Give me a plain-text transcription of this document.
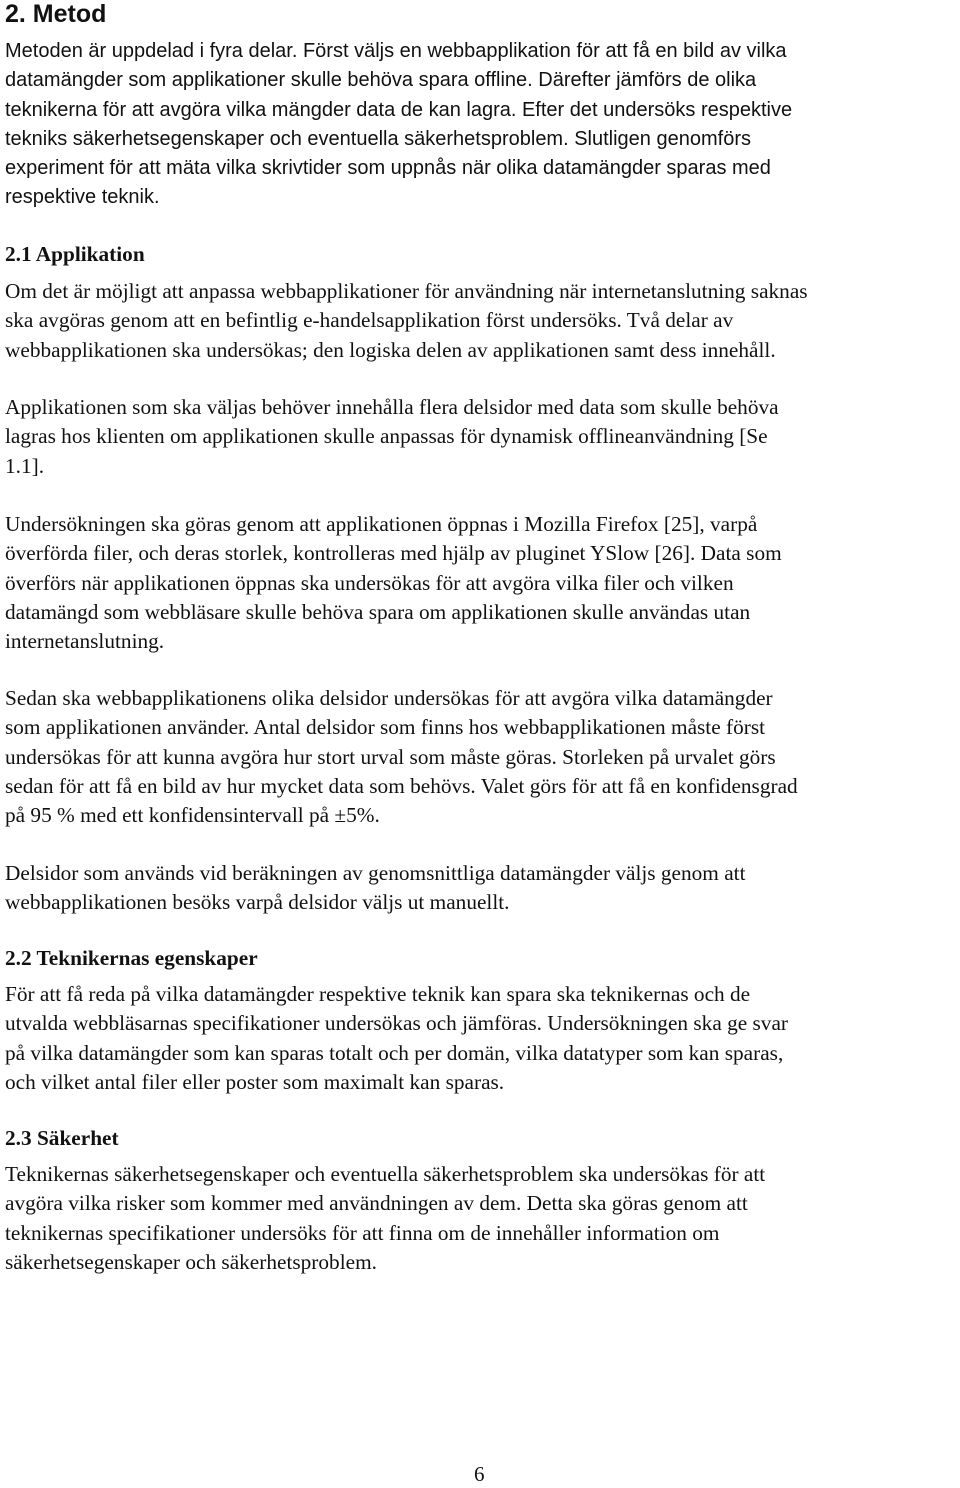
2. Metod

Metoden är uppdelad i fyra delar. Först väljs en webbapplikation för att få en bild av vilka
datamängder som applikationer skulle behöva spara offline. Därefter jämförs de olika
teknikerna för att avgöra vilka mängder data de kan lagra. Efter det undersöks respektive
tekniks säkerhetsegenskaper och eventuella säkerhetsproblem. Slutligen genomförs
experiment för att mäta vilka skrivtider som uppnås när olika datamängder sparas med
respektive teknik.

2.1 Applikation

Om det är möjligt att anpassa webbapplikationer för användning när internetanslutning saknas
ska avgöras genom att en befintlig e-handelsapplikation först undersöks. Två delar av
webbapplikationen ska undersökas; den logiska delen av applikationen samt dess innehåll.

Applikationen som ska väljas behöver innehålla flera delsidor med data som skulle behöva
lagras hos klienten om applikationen skulle anpassas för dynamisk offlineanvändning [Se
1.1].

Undersökningen ska göras genom att applikationen öppnas i Mozilla Firefox [25], varpå
överförda filer, och deras storlek, kontrolleras med hjälp av pluginet YSlow [26]. Data som
överförs när applikationen öppnas ska undersökas för att avgöra vilka filer och vilken
datamängd som webbläsare skulle behöva spara om applikationen skulle användas utan
internetanslutning.

Sedan ska webbapplikationens olika delsidor undersökas för att avgöra vilka datamängder
som applikationen använder. Antal delsidor som finns hos webbapplikationen måste först
undersökas för att kunna avgöra hur stort urval som måste göras. Storleken på urvalet görs
sedan för att få en bild av hur mycket data som behövs. Valet görs för att få en konfidensgrad
på 95 % med ett konfidensintervall på ±5%.

Delsidor som används vid beräkningen av genomsnittliga datamängder väljs genom att
webbapplikationen besöks varpå delsidor väljs ut manuellt.

2.2 Teknikernas egenskaper

För att få reda på vilka datamängder respektive teknik kan spara ska teknikernas och de
utvalda webbläsarnas specifikationer undersökas och jämföras. Undersökningen ska ge svar
på vilka datamängder som kan sparas totalt och per domän, vilka datatyper som kan sparas,
och vilket antal filer eller poster som maximalt kan sparas.

2.3 Säkerhet

Teknikernas säkerhetsegenskaper och eventuella säkerhetsproblem ska undersökas för att
avgöra vilka risker som kommer med användningen av dem. Detta ska göras genom att
teknikernas specifikationer undersöks för att finna om de innehåller information om
säkerhetsegenskaper och säkerhetsproblem.

6
